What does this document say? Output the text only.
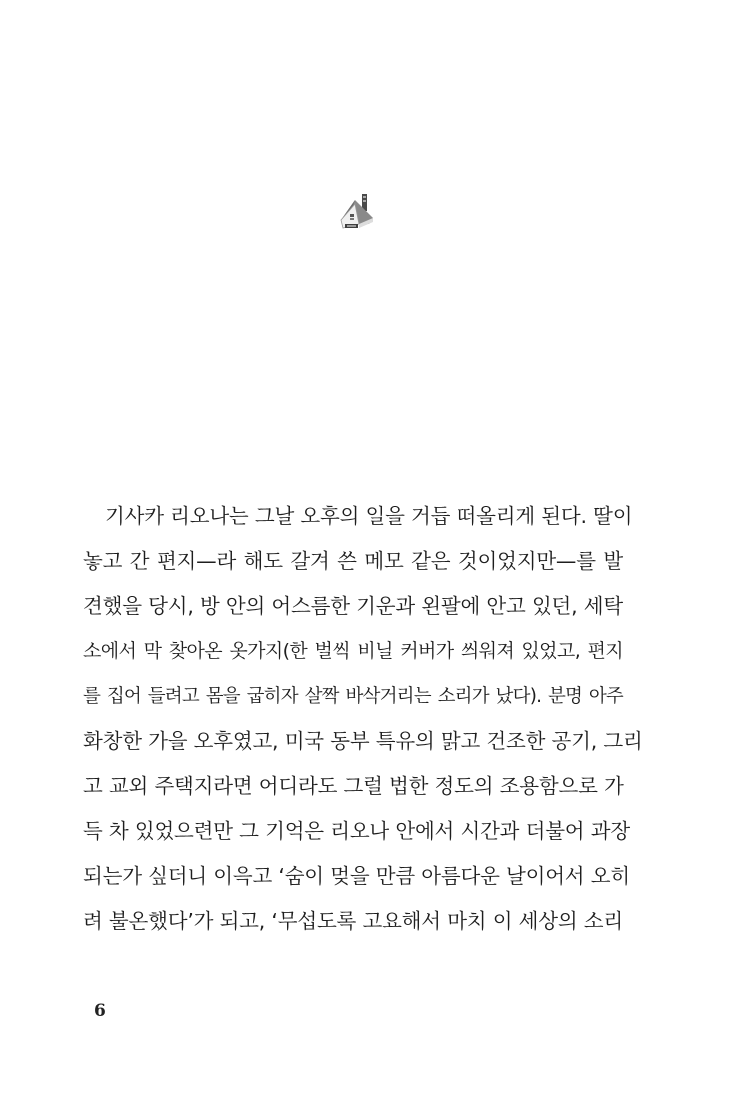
기사카 리오나는 그날 오후의 일을 거듭 떠올리게 된다. 딸이
놓고 간 편지—라 해도 갈겨 쓴 메모 같은 것이었지만—를 발
견했을 당시, 방 안의 어스름한 기운과 왼팔에 안고 있던, 세탁
소에서 막 찾아온 옷가지(한 벌씩 비닐 커버가 씌워져 있었고, 편지
를 집어 들려고 몸을 굽히자 살짝 바삭거리는 소리가 났다). 분명 아주
화창한 가을 오후였고, 미국 동부 특유의 맑고 건조한 공기, 그리
고 교외 주택지라면 어디라도 그럴 법한 정도의 조용함으로 가
득 차 있었으련만 그 기억은 리오나 안에서 시간과 더불어 과장
되는가 싶더니 이윽고 ‘숨이 멎을 만큼 아름다운 날이어서 오히
려 불온했다’가 되고, ‘무섭도록 고요해서 마치 이 세상의 소리
6
